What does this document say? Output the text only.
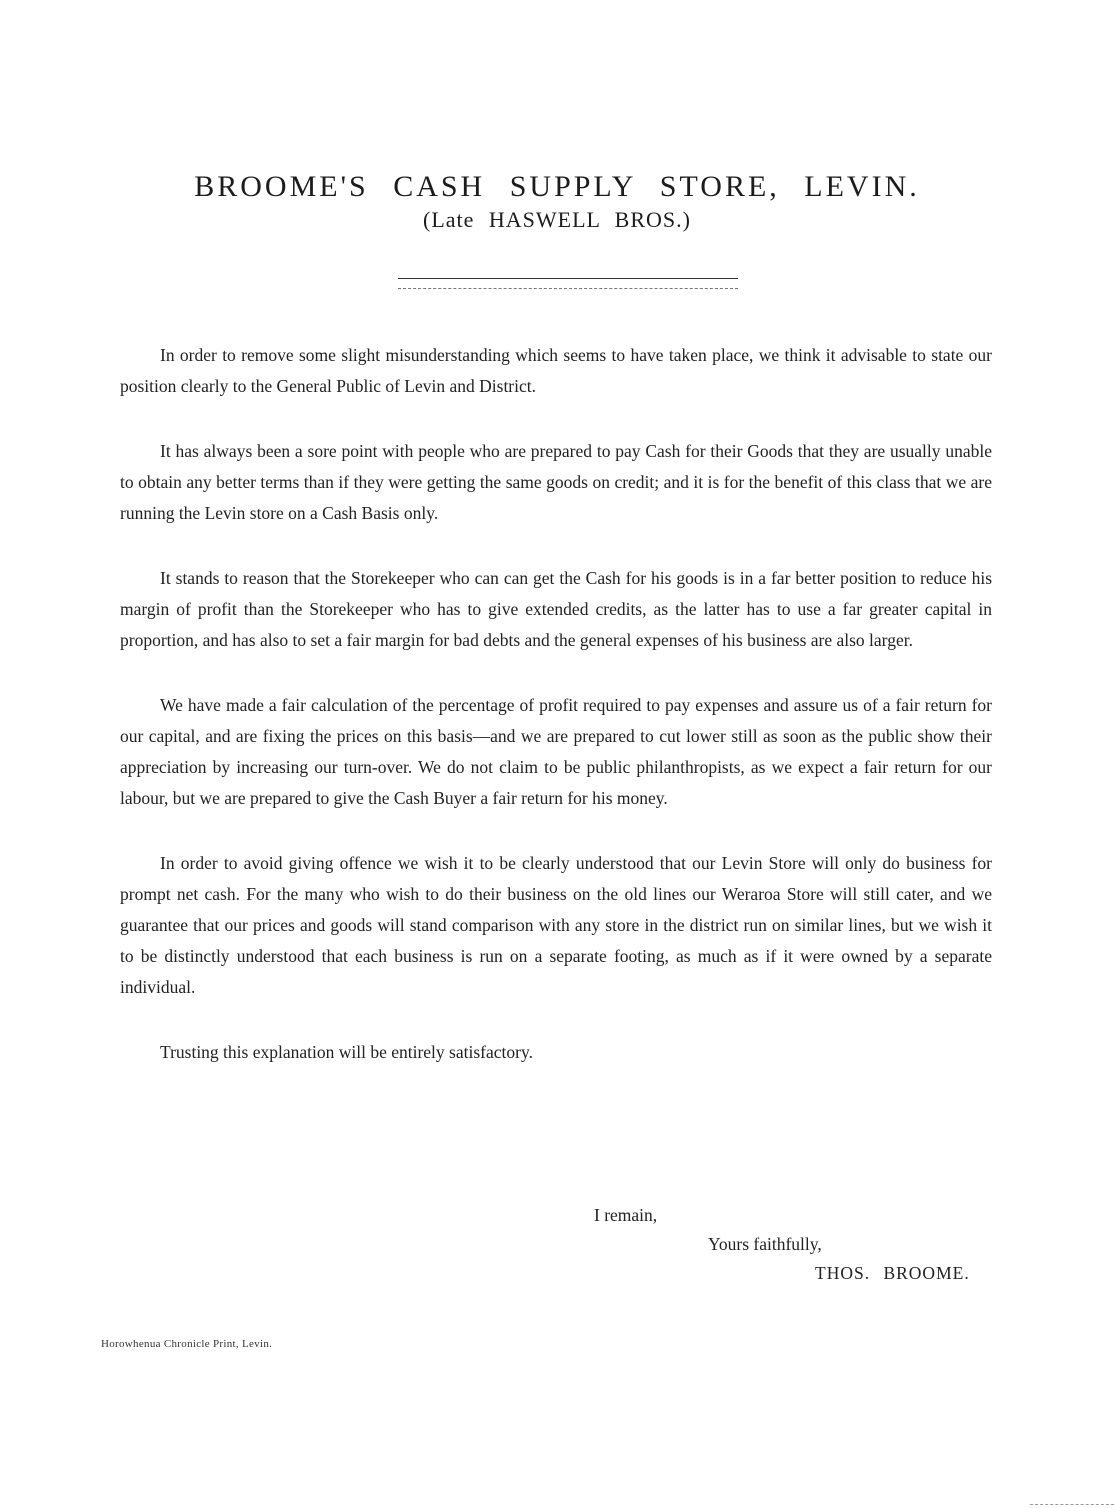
BROOME'S CASH SUPPLY STORE, LEVIN.
(Late HASWELL BROS.)

In order to remove some slight misunderstanding which seems to have taken place, we think it advisable to state our position clearly to the General Public of Levin and District.

It has always been a sore point with people who are prepared to pay Cash for their Goods that they are usually unable to obtain any better terms than if they were getting the same goods on credit; and it is for the benefit of this class that we are running the Levin store on a Cash Basis only.

It stands to reason that the Storekeeper who can can get the Cash for his goods is in a far better position to reduce his margin of profit than the Storekeeper who has to give extended credits, as the latter has to use a far greater capital in proportion, and has also to set a fair margin for bad debts and the general expenses of his business are also larger.

We have made a fair calculation of the percentage of profit required to pay expenses and assure us of a fair return for our capital, and are fixing the prices on this basis—and we are prepared to cut lower still as soon as the public show their appreciation by increasing our turn-over. We do not claim to be public philanthropists, as we expect a fair return for our labour, but we are prepared to give the Cash Buyer a fair return for his money.

In order to avoid giving offence we wish it to be clearly understood that our Levin Store will only do business for prompt net cash. For the many who wish to do their business on the old lines our Weraroa Store will still cater, and we guarantee that our prices and goods will stand comparison with any store in the district run on similar lines, but we wish it to be distinctly understood that each business is run on a separate footing, as much as if it were owned by a separate individual.

Trusting this explanation will be entirely satisfactory.

I remain,
Yours faithfully,
THOS. BROOME.
Horowhenua Chronicle Print, Levin.
